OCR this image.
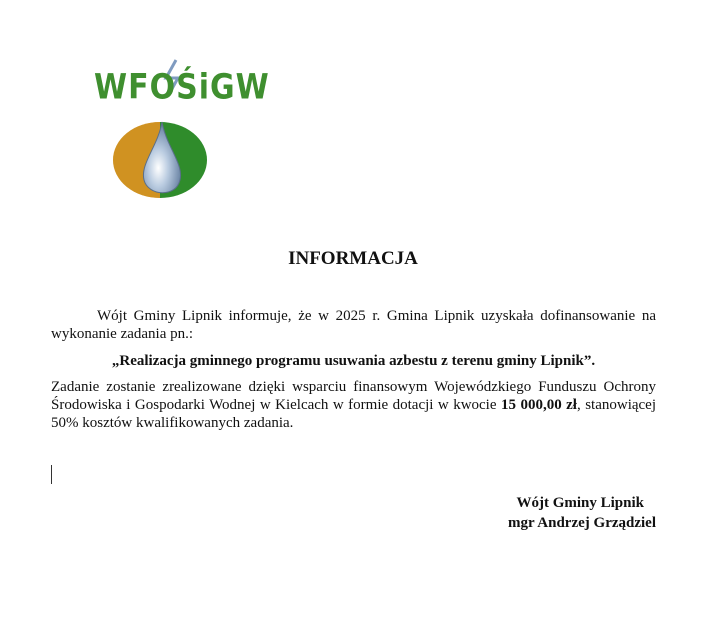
WFOŚiGW
INFORMACJA
Wójt Gminy Lipnik informuje, że w 2025 r. Gmina Lipnik uzyskała dofinansowanie na wykonanie zadania pn.:
„Realizacja gminnego programu usuwania azbestu z terenu gminy Lipnik”.
Zadanie zostanie zrealizowane dzięki wsparciu finansowym Wojewódzkiego Funduszu Ochrony Środowiska i Gospodarki Wodnej w Kielcach w formie dotacji w kwocie 15 000,00 zł, stanowiącej 50% kosztów kwalifikowanych zadania.
Wójt Gminy Lipnik
mgr Andrzej Grządziel
